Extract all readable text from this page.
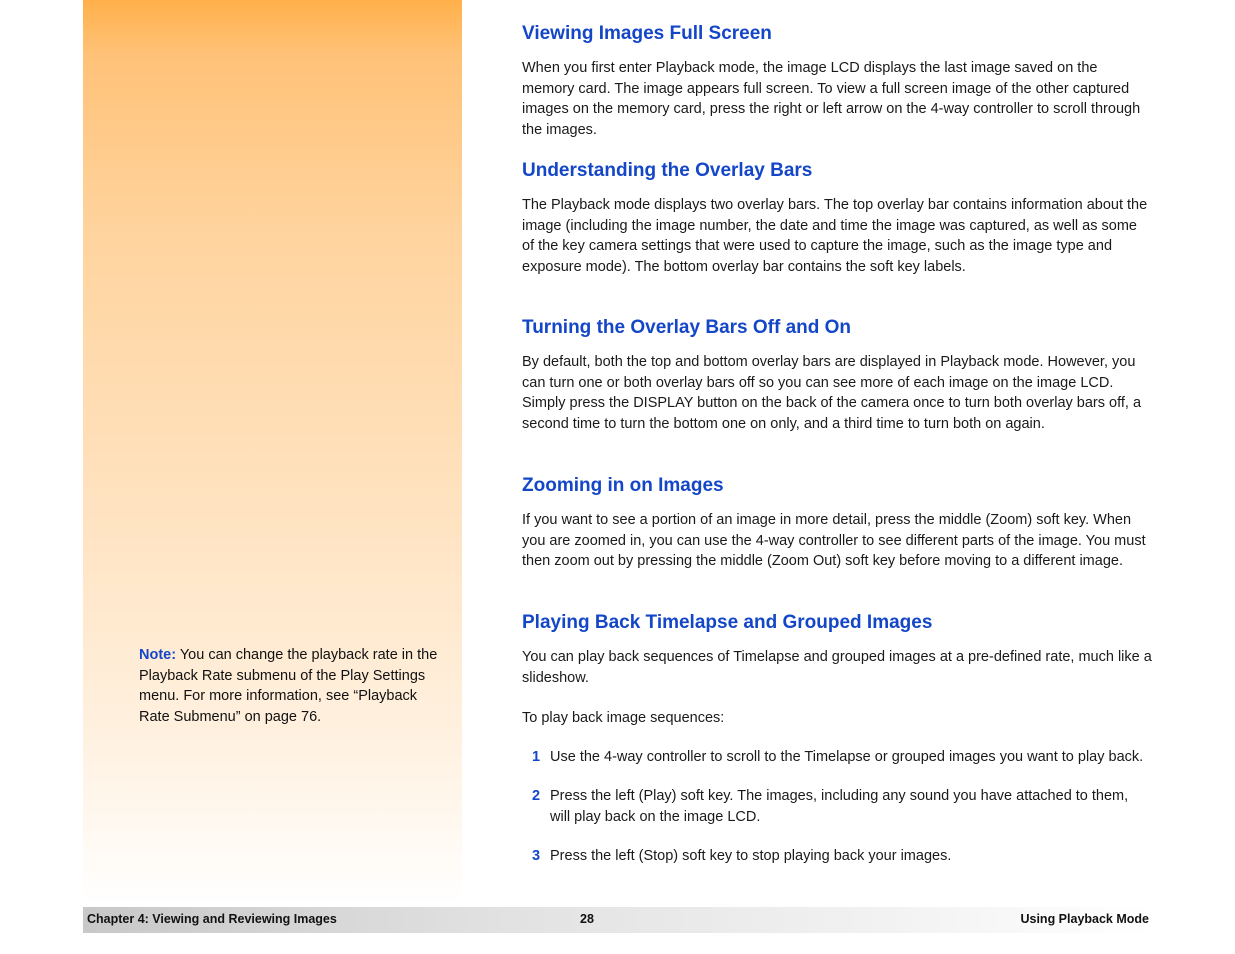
Note: You can change the playback rate in the Playback Rate submenu of the Play Settings menu. For more information, see “Playback Rate Submenu” on page 76.
Viewing Images Full Screen

When you first enter Playback mode, the image LCD displays the last image saved on the memory card. The image appears full screen. To view a full screen image of the other captured images on the memory card, press the right or left arrow on the 4-way controller to scroll through the images.

Understanding the Overlay Bars

The Playback mode displays two overlay bars. The top overlay bar contains information about the image (including the image number, the date and time the image was captured, as well as some of the key camera settings that were used to capture the image, such as the image type and exposure mode). The bottom overlay bar contains the soft key labels.

Turning the Overlay Bars Off and On

By default, both the top and bottom overlay bars are displayed in Playback mode. However, you can turn one or both overlay bars off so you can see more of each image on the image LCD. Simply press the DISPLAY button on the back of the camera once to turn both overlay bars off, a second time to turn the bottom one on only, and a third time to turn both on again.

Zooming in on Images

If you want to see a portion of an image in more detail, press the middle (Zoom) soft key. When you are zoomed in, you can use the 4-way controller to see different parts of the image. You must then zoom out by pressing the middle (Zoom Out) soft key before moving to a different image.

Playing Back Timelapse and Grouped Images

You can play back sequences of Timelapse and grouped images at a pre-defined rate, much like a slideshow.

To play back image sequences:

1 Use the 4-way controller to scroll to the Timelapse or grouped images you want to play back.
2 Press the left (Play) soft key. The images, including any sound you have attached to them, will play back on the image LCD.
3 Press the left (Stop) soft key to stop playing back your images.
Chapter 4: Viewing and Reviewing Images	28	Using Playback Mode
